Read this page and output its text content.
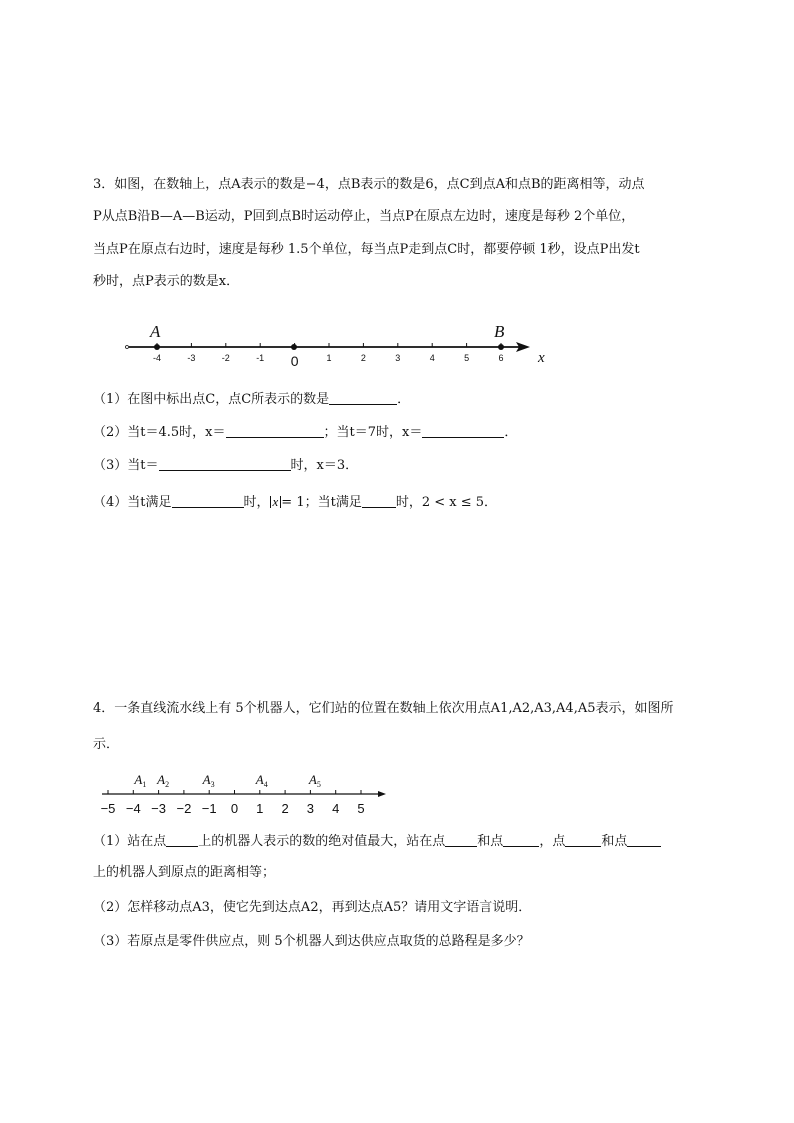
3．如图，在数轴上，点A表示的数是−4，点B表示的数是6，点C到点A和点B的距离相等，动点
P从点B沿B—A—B运动，P回到点B时运动停止，当点P在原点左边时，速度是每秒 2个单位，
当点P在原点右边时，速度是每秒 1.5个单位，每当点P走到点C时，都要停顿 1秒，设点P出发t
秒时，点P表示的数是x．
-4	-3	-2	-1 0	1	2	3	4	5	6
A	B
x
（1）在图中标出点C，点C所表示的数是	．
（2）当t＝4.5时，x＝	；当t＝7时，x＝	．
（3）当t＝	时，x＝3．
（4）当t满足	时， x = 1；当t满足	时，2 < x ≤ 5．
4．一条直线流水线上有 5个机器人，它们站的位置在数轴上依次用点A1,A2,A3,A4,A5表示，如图所
示．
−5 −4 −3 −2 −1 0 1 2 3 4 5
$A_1$ $A_2$	$A_3$	$A_4$	$A_5$
（1）站在点 上的机器人表示的数的绝对值最大，站在点 和点	，点	和点
上的机器人到原点的距离相等；
（2）怎样移动点A3，使它先到达点A2，再到达点A5？请用文字语言说明．
（3）若原点是零件供应点，则 5个机器人到达供应点取货的总路程是多少？
